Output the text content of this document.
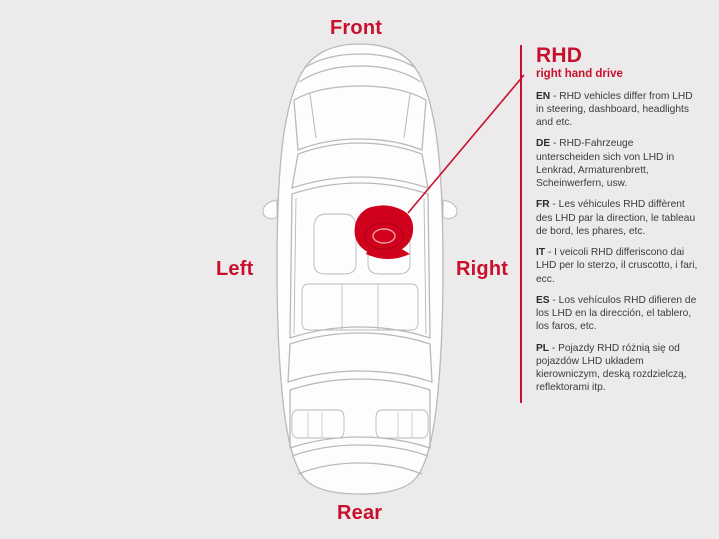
Front
Rear
Left	Right
RHD
right hand drive
EN - RHD vehicles differ from LHD in steering, dashboard, headlights and etc.
DE - RHD-Fahrzeuge unterscheiden sich von LHD in Lenkrad, Armaturenbrett, Scheinwerfern, usw.
FR - Les véhicules RHD diffèrent des LHD par la direction, le tableau de bord, les phares, etc.
IT - I veicoli RHD differiscono dai LHD per lo sterzo, il cruscotto, i fari, ecc.
ES - Los vehículos RHD difieren de los LHD en la dirección, el tablero, los faros, etc.
PL - Pojazdy RHD różnią się od pojazdów LHD układem kierowniczym, deską rozdzielczą, reflektorami itp.
